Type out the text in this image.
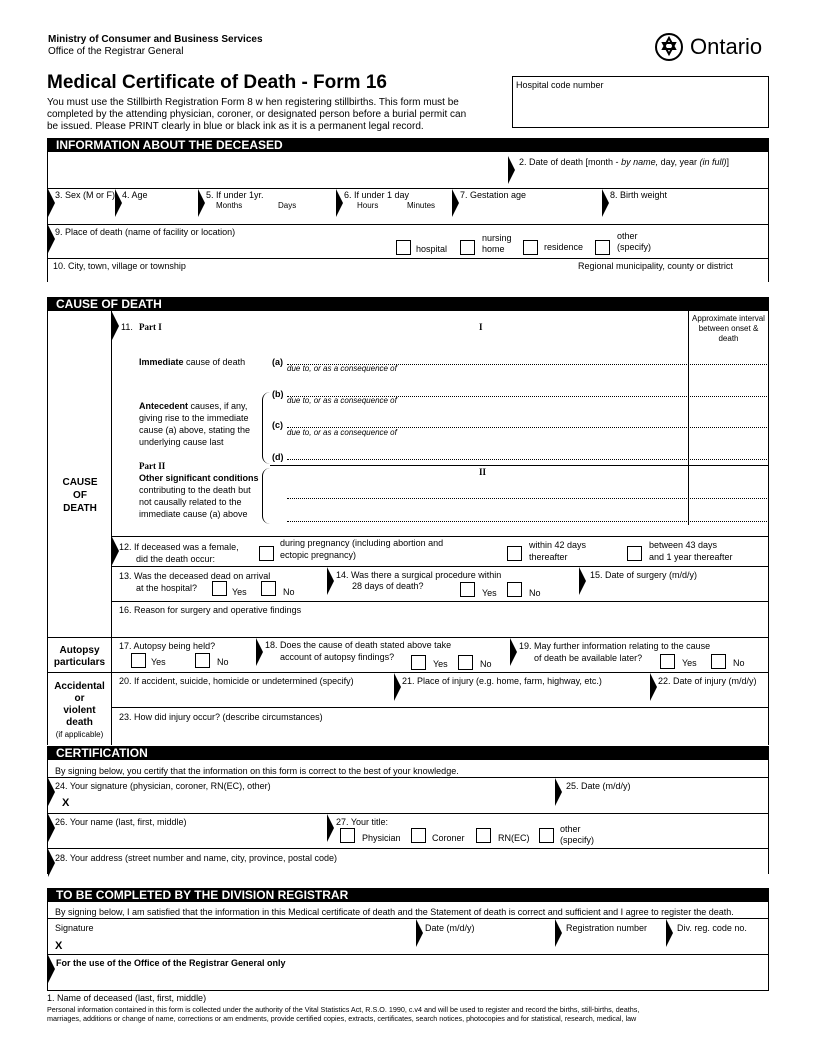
Ministry of Consumer and Business Services
Office of the Registrar General	Ontario
Medical Certificate of Death - Form 16
You must use the Stillbirth Registration Form 8 w hen registering stillbirths. This form must be
completed by the attending physician, coroner, or designated person before a burial permit can
be issued. Please PRINT clearly in blue or black ink as it is a permanent legal record.
Hospital code number
INFORMATION ABOUT THE DECEASED
2. Date of death [month - by name, day, year (in full)]
3. Sex (M or F) 4. Age	5. If under 1yr.
Months	Days
6. If under 1 day
Hours	Minutes
7. Gestation age	8. Birth weight
9. Place of death (name of facility or location)
hospital
nursing
home	residence
other
(specify)
10. City, town, village or township	Regional municipality, county or district
CAUSE OF DEATH
CAUSE
OF
DEATH
11. Part I	I
Approximate interval
between onset &
death
Immediate cause of death	(a)
due to, or as a consequence of
(b)
due to, or as a consequence of
Antecedent causes, if any,
giving rise to the immediate
cause (a) above, stating the
underlying cause last
(c)
due to, or as a consequence of
(d)
II
Part II
Other significant conditions
contributing to the death but
not causally related to the
immediate cause (a) above
12. If deceased was a female,
did the death occur:
during pregnancy (including abortion and
ectopic pregnancy)
within 42 days
thereafter
between 43 days
and 1 year thereafter
13. Was the deceased dead on arrival
at the hospital?	Yes	No
14. Was there a surgical procedure within
28 days of death?
Yes	No
15. Date of surgery (m/d/y)
16. Reason for surgery and operative findings
Autopsy
particulars
17. Autopsy being held?
Yes	No
18. Does the cause of death stated above take
account of autopsy findings?
Yes	No
19. May further information relating to the cause
of death be available later?	Yes	No
Accidental
or
violent
death
(if applicable)
20. If accident, suicide, homicide or undetermined (specify)	21. Place of injury (e.g. home, farm, highway, etc.)	22. Date of injury (m/d/y)
23. How did injury occur? (describe circumstances)
CERTIFICATION
By signing below, you certify that the information on this form is correct to the best of your knowledge.
24. Your signature (physician, coroner, RN(EC), other)
X
25. Date (m/d/y)
26. Your name (last, first, middle)	27. Your title:
Physician	Coroner	RN(EC)
other
(specify)
28. Your address (street number and name, city, province, postal code)
TO BE COMPLETED BY THE DIVISION REGISTRAR
By signing below, I am satisfied that the information in this Medical certificate of death and the Statement of death is correct and sufficient and I agree to register the death.
Signature
X
Date (m/d/y)	Registration number	Div. reg. code no.
For the use of the Office of the Registrar General only
1. Name of deceased (last, first, middle)
Personal information contained in this form is collected under the authority of the Vital Statistics Act, R.S.O. 1990, c.v4 and will be used to register and record the births, still-births, deaths,
marriages, additions or change of name, corrections or am endments, provide certified copies, extracts, certificates, search notices, photocopies and for statistical, research, medical, law
